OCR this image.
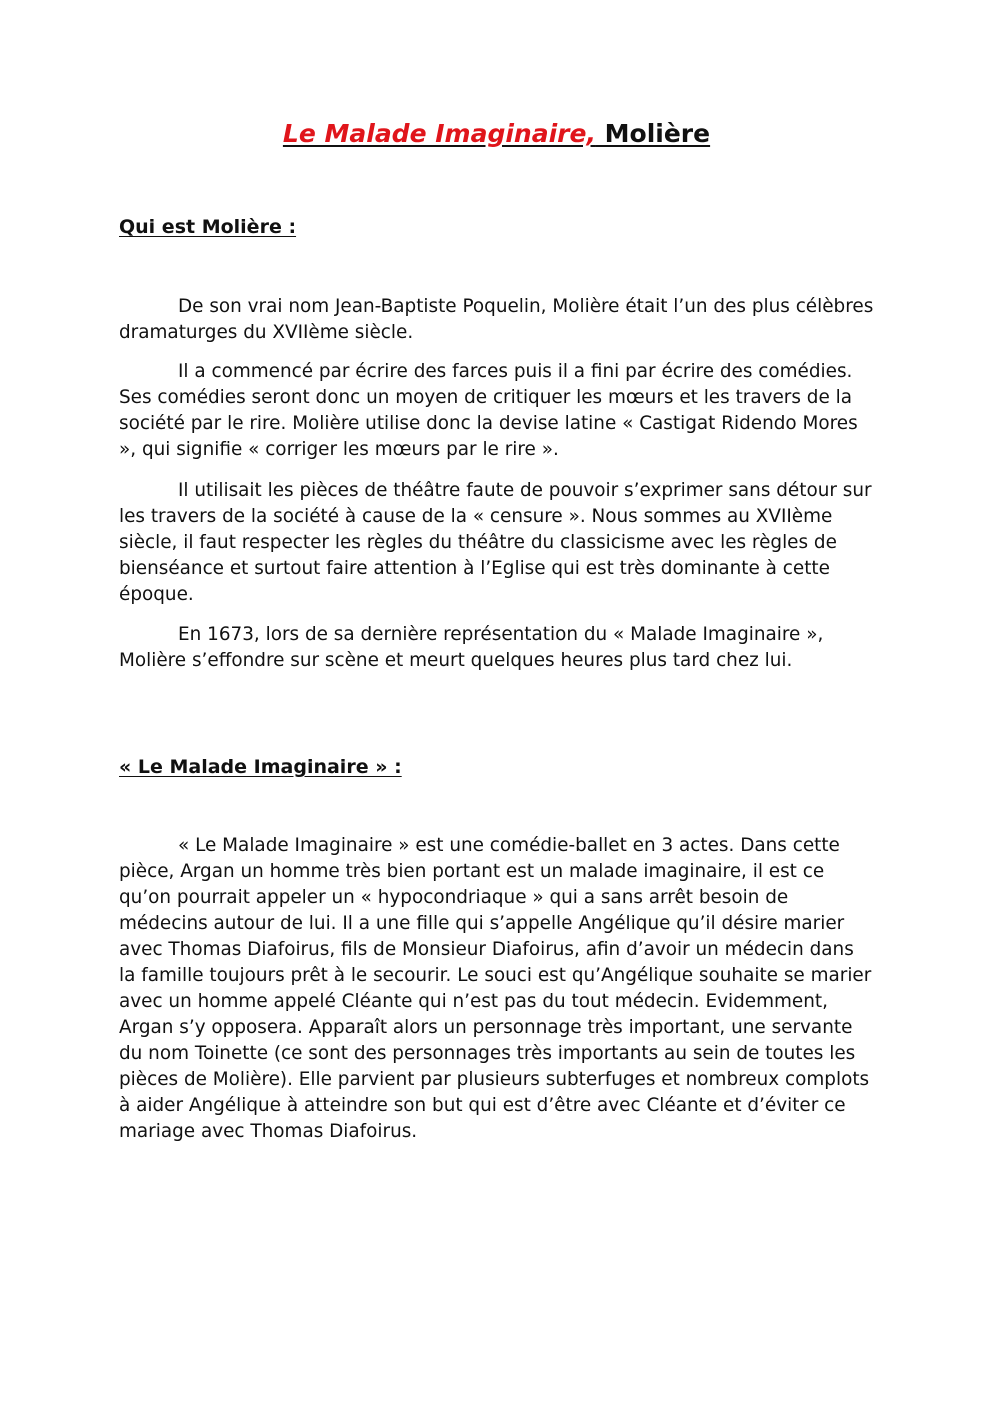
Le Malade Imaginaire, Molière
Qui est Molière :

De son vrai nom Jean-Baptiste Poquelin, Molière était l’un des plus célèbres dramaturges du XVIIème siècle.

Il a commencé par écrire des farces puis il a fini par écrire des comédies. Ses comédies seront donc un moyen de critiquer les mœurs et les travers de la société par le rire. Molière utilise donc la devise latine « Castigat Ridendo Mores », qui signifie « corriger les mœurs par le rire ».

Il utilisait les pièces de théâtre faute de pouvoir s’exprimer sans détour sur les travers de la société à cause de la « censure ». Nous sommes au XVIIème siècle, il faut respecter les règles du théâtre du classicisme avec les règles de bienséance et surtout faire attention à l’Eglise qui est très dominante à cette époque.

En 1673, lors de sa dernière représentation du « Malade Imaginaire », Molière s’effondre sur scène et meurt quelques heures plus tard chez lui.

« Le Malade Imaginaire » :

« Le Malade Imaginaire » est une comédie-ballet en 3 actes. Dans cette pièce, Argan un homme très bien portant est un malade imaginaire, il est ce qu’on pourrait appeler un « hypocondriaque » qui a sans arrêt besoin de médecins autour de lui. Il a une fille qui s’appelle Angélique qu’il désire marier avec Thomas Diafoirus, fils de Monsieur Diafoirus, afin d’avoir un médecin dans la famille toujours prêt à le secourir. Le souci est qu’Angélique souhaite se marier avec un homme appelé Cléante qui n’est pas du tout médecin. Evidemment, Argan s’y opposera. Apparaît alors un personnage très important, une servante du nom Toinette (ce sont des personnages très importants au sein de toutes les pièces de Molière). Elle parvient par plusieurs subterfuges et nombreux complots à aider Angélique à atteindre son but qui est d’être avec Cléante et d’éviter ce mariage avec Thomas Diafoirus.
